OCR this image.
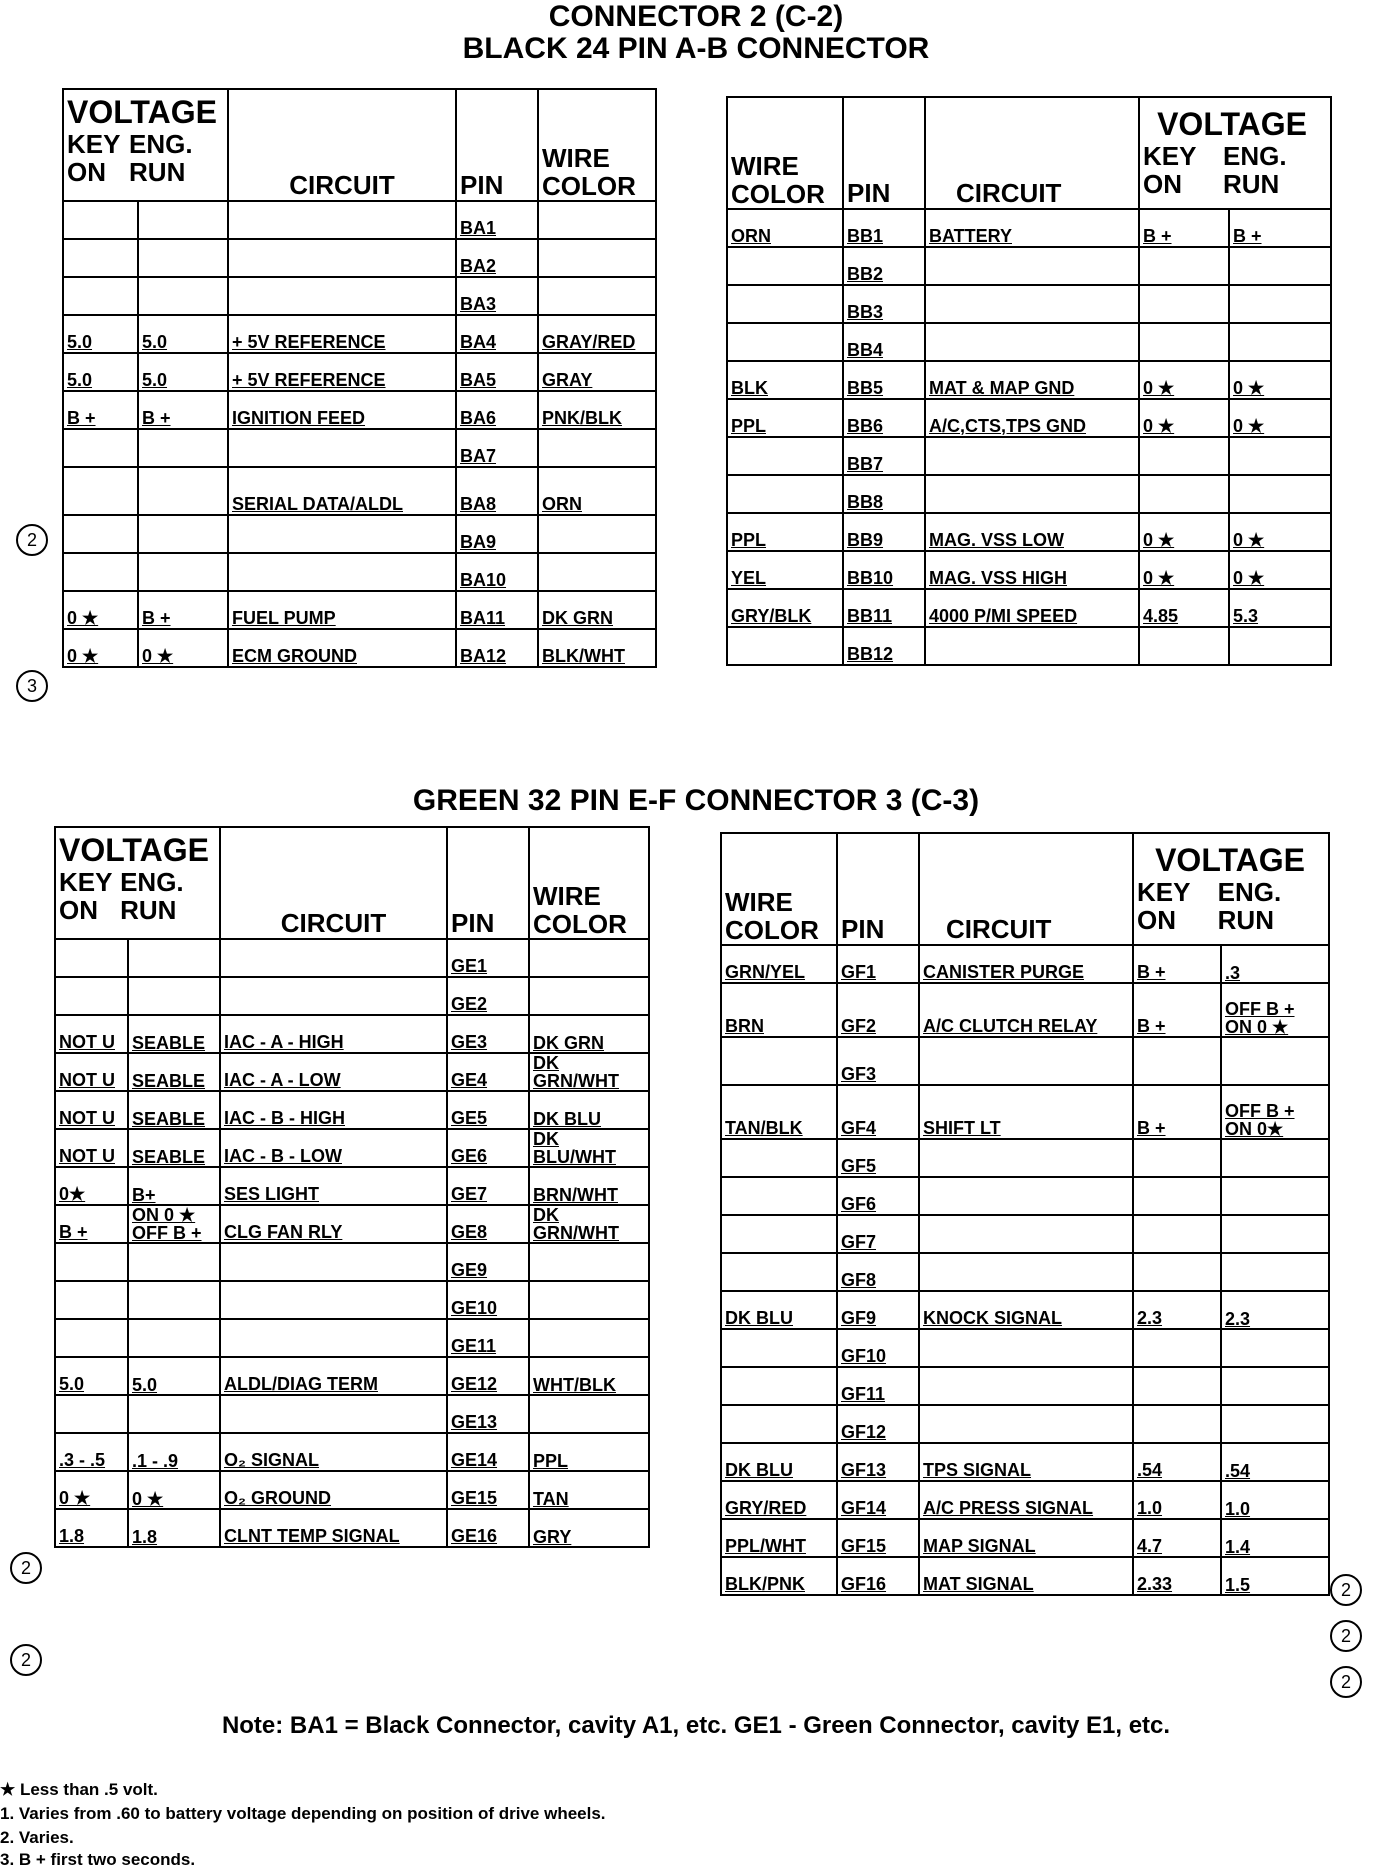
CONNECTOR 2 (C-2)
BLACK 24 PIN A-B CONNECTOR
VOLTAGE
KEY ON
ENG. RUN		CIRCUIT	PIN	WIRE COLOR
			BA1	
			BA2	
			BA3	
5.0	5.0	+ 5V REFERENCE	BA4	GRAY/RED
5.0	5.0	+ 5V REFERENCE	BA5	GRAY
B +	B +	IGNITION FEED	BA6	PNK/BLK
			BA7	
		SERIAL DATA/ALDL	BA8	ORN
			BA9	
			BA10	
0 ★	B +	FUEL PUMP	BA11	DK GRN
0 ★	0 ★	ECM GROUND	BA12	BLK/WHT
WIRE COLOR	PIN	CIRCUIT	VOLTAGE
KEY ON
ENG. RUN	

ORN	BB1	BATTERY	B +	B +
	BB2			
	BB3			
	BB4			
BLK	BB5	MAT & MAP GND	0 ★	0 ★
PPL	BB6	A/C,CTS,TPS GND	0 ★	0 ★
	BB7			
	BB8			
PPL	BB9	MAG. VSS LOW	0 ★	0 ★
YEL	BB10	MAG. VSS HIGH	0 ★	0 ★
GRY/BLK	BB11	4000 P/MI SPEED	4.85	5.3
	BB12			
GREEN 32 PIN E-F CONNECTOR 3 (C-3)
VOLTAGE
KEY ON
ENG. RUN		CIRCUIT	PIN	WIRE COLOR
			GE1	
			GE2	
NOT U	SEABLE	IAC - A - HIGH	GE3	DK GRN
NOT U	SEABLE	IAC - A - LOW	GE4	DK GRN/WHT
NOT U	SEABLE	IAC - B - HIGH	GE5	DK BLU
NOT U	SEABLE	IAC - B - LOW	GE6	DK BLU/WHT
0★	B+	SES LIGHT	GE7	BRN/WHT
B +	ON 0 ★ OFF B +	CLG FAN RLY	GE8	DK GRN/WHT
			GE9	
			GE10	
			GE11	
5.0	5.0	ALDL/DIAG TERM	GE12	WHT/BLK
			GE13	
.3 - .5	.1 - .9	O₂ SIGNAL	GE14	PPL
0 ★	0 ★	O₂ GROUND	GE15	TAN
1.8	1.8	CLNT TEMP SIGNAL	GE16	GRY
WIRE COLOR	PIN	CIRCUIT	VOLTAGE
KEY ON
ENG. RUN	

GRN/YEL	GF1	CANISTER PURGE	B +	.3
BRN	GF2	A/C CLUTCH RELAY	B +	OFF B + ON 0 ★
	GF3			
TAN/BLK	GF4	SHIFT LT	B +	OFF B + ON 0★
	GF5			
	GF6			
	GF7			
	GF8			
DK BLU	GF9	KNOCK SIGNAL	2.3	2.3
	GF10			
	GF11			
	GF12			
DK BLU	GF13	TPS SIGNAL	.54	.54
GRY/RED	GF14	A/C PRESS SIGNAL	1.0	1.0
PPL/WHT	GF15	MAP SIGNAL	4.7	1.4
BLK/PNK	GF16	MAT SIGNAL	2.33	1.5
2
3
2
2
2
2
2
Note: BA1 = Black Connector, cavity A1, etc. GE1 - Green Connector, cavity E1, etc.
★ Less than .5 volt.
1. Varies from .60 to battery voltage depending on position of drive wheels.
2. Varies.
3. B + first two seconds.
